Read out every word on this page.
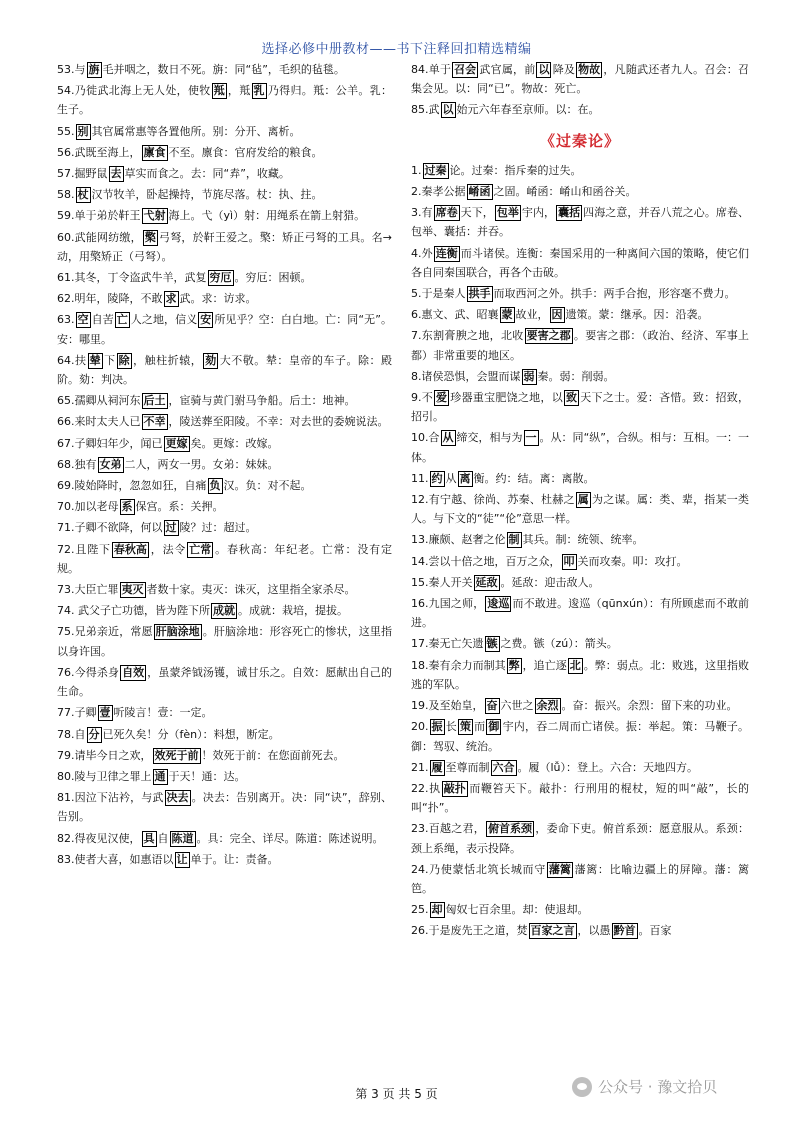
选择必修中册教材——书下注释回扣精选精编
53.与 旃 毛并咽之，数日不死。旃：同“毡”，毛织的毡毯。
54.乃徙武北海上无人处，使牧 羝 ，羝 乳 乃得归。羝：公羊。乳：生子。
55. 别 其官属常惠等各置他所。别：分开、离析。
56.武既至海上， 廪食 不至。廪食：官府发给的粮食。
57.掘野鼠 去 草实而食之。去：同“弆”，收藏。
58. 杖 汉节牧羊，卧起操持，节旄尽落。杖：执、拄。
59.单于弟於靬王 弋射 海上。弋（yì）射：用绳系在箭上射猎。
60.武能网纺缴， 檠 弓弩，於靬王爱之。檠：矫正弓弩的工具。名→动，用檠矫正（弓弩）。
61.其冬，丁令盗武牛羊，武复 穷厄 。穷厄：困顿。
62.明年，陵降，不敢 求 武。求：访求。
63. 空 自苦 亡 人之地，信义 安 所见乎？空：白白地。亡：同“无”。安：哪里。
64.扶 辇 下 除 ，触柱折辕， 劾 大不敬。辇：皇帝的车子。除：殿阶。劾：判决。
65.孺卿从祠河东 后土 ，宦骑与黄门驸马争船。后土：地神。
66.来时太夫人已 不幸 ，陵送葬至阳陵。不幸：对去世的委婉说法。
67.子卿妇年少，闻已 更嫁 矣。更嫁：改嫁。
68.独有 女弟 二人，两女一男。女弟：妹妹。
69.陵始降时，忽忽如狂，自痛 负 汉。负：对不起。
70.加以老母 系 保宫。系：关押。
71.子卿不欲降，何以 过 陵？过：超过。
72.且陛下 春秋高 ，法令 亡常 。春秋高：年纪老。亡常：没有定规。
73.大臣亡罪 夷灭 者数十家。夷灭：诛灭，这里指全家杀尽。
74. 武父子亡功德，皆为陛下所 成就 。成就：栽培，提拔。
75.兄弟亲近，常愿 肝脑涂地 。肝脑涂地：形容死亡的惨状，这里指以身许国。
76.今得杀身 自效 ，虽蒙斧钺汤镬，诚甘乐之。自效：愿献出自己的生命。
77.子卿 壹 听陵言！壹：一定。
78.自 分 已死久矣！分（fèn）：料想，断定。
79.请毕今日之欢， 效死于前 ！效死于前：在您面前死去。
80.陵与卫律之罪上 通 于天！通：达。
81.因泣下沾衿，与武 决去 。决去：告别离开。决：同“诀”，辞别、告别。
82.得夜见汉使， 具 自 陈道 。具：完全、详尽。陈道：陈述说明。
83.使者大喜，如惠语以 让 单于。让：责备。
84.单于 召会 武官属，前 以 降及 物故 ，凡随武还者九人。召会：召集会见。以：同“已”。物故：死亡。
85.武 以 始元六年春至京师。以：在。
《过秦论》
1. 过秦 论。过秦：指斥秦的过失。
2.秦孝公据 崤函 之固。崤函：崤山和函谷关。
3.有 席卷 天下， 包举 宇内， 囊括 四海之意，并吞八荒之心。席卷、包举、囊括：并吞。
4.外 连衡 而斗诸侯。连衡：秦国采用的一种离间六国的策略，使它们各自同秦国联合，再各个击破。
5.于是秦人 拱手 而取西河之外。拱手：两手合抱，形容毫不费力。
6.惠文、武、昭襄 蒙 故业， 因 遗策。蒙：继承。因：沿袭。
7.东割膏腴之地，北收 要害之郡 。要害之郡：（政治、经济、军事上都）非常重要的地区。
8.诸侯恐惧，会盟而谋 弱 秦。弱：削弱。
9.不 爱 珍器重宝肥饶之地，以 致 天下之士。爱：吝惜。致：招致，招引。
10.合 从 缔交，相与为 一 。从：同“纵”，合纵。相与：互相。一：一体。
11. 约 从 离 衡。约：结。离：离散。
12.有宁越、徐尚、苏秦、杜赫之 属 为之谋。属：类、辈，指某一类人。与下文的“徒”“伦”意思一样。
13.廉颇、赵奢之伦 制 其兵。制：统领、统率。
14.尝以十倍之地，百万之众， 叩 关而攻秦。叩：攻打。
15.秦人开关 延敌 。延敌：迎击敌人。
16.九国之师， 逡巡 而不敢进。逡巡（qūnxún）：有所顾虑而不敢前进。
17.秦无亡矢遗 镞 之费。镞（zú）：箭头。
18.秦有余力而制其 弊 ，追亡逐 北 。弊：弱点。北：败逃，这里指败逃的军队。
19.及至始皇， 奋 六世之 余烈 。奋：振兴。余烈：留下来的功业。
20. 振 长 策 而 御 宇内，吞二周而亡诸侯。振：举起。策：马鞭子。御：驾驭、统治。
21. 履 至尊而制 六合 。履（lǚ）：登上。六合：天地四方。
22.执 敲扑 而鞭笞天下。敲扑：行刑用的棍杖，短的叫“敲”，长的叫“扑”。
23.百越之君， 俯首系颈 ，委命下吏。俯首系颈：愿意服从。系颈：颈上系绳，表示投降。
24.乃使蒙恬北筑长城而守 藩篱 藩篱：比喻边疆上的屏障。藩：篱笆。
25. 却 匈奴七百余里。却：使退却。
26.于是废先王之道，焚 百家之言 ，以愚 黔首 。百家
第 3 页 共 5 页	公众号 · 豫文拾贝
